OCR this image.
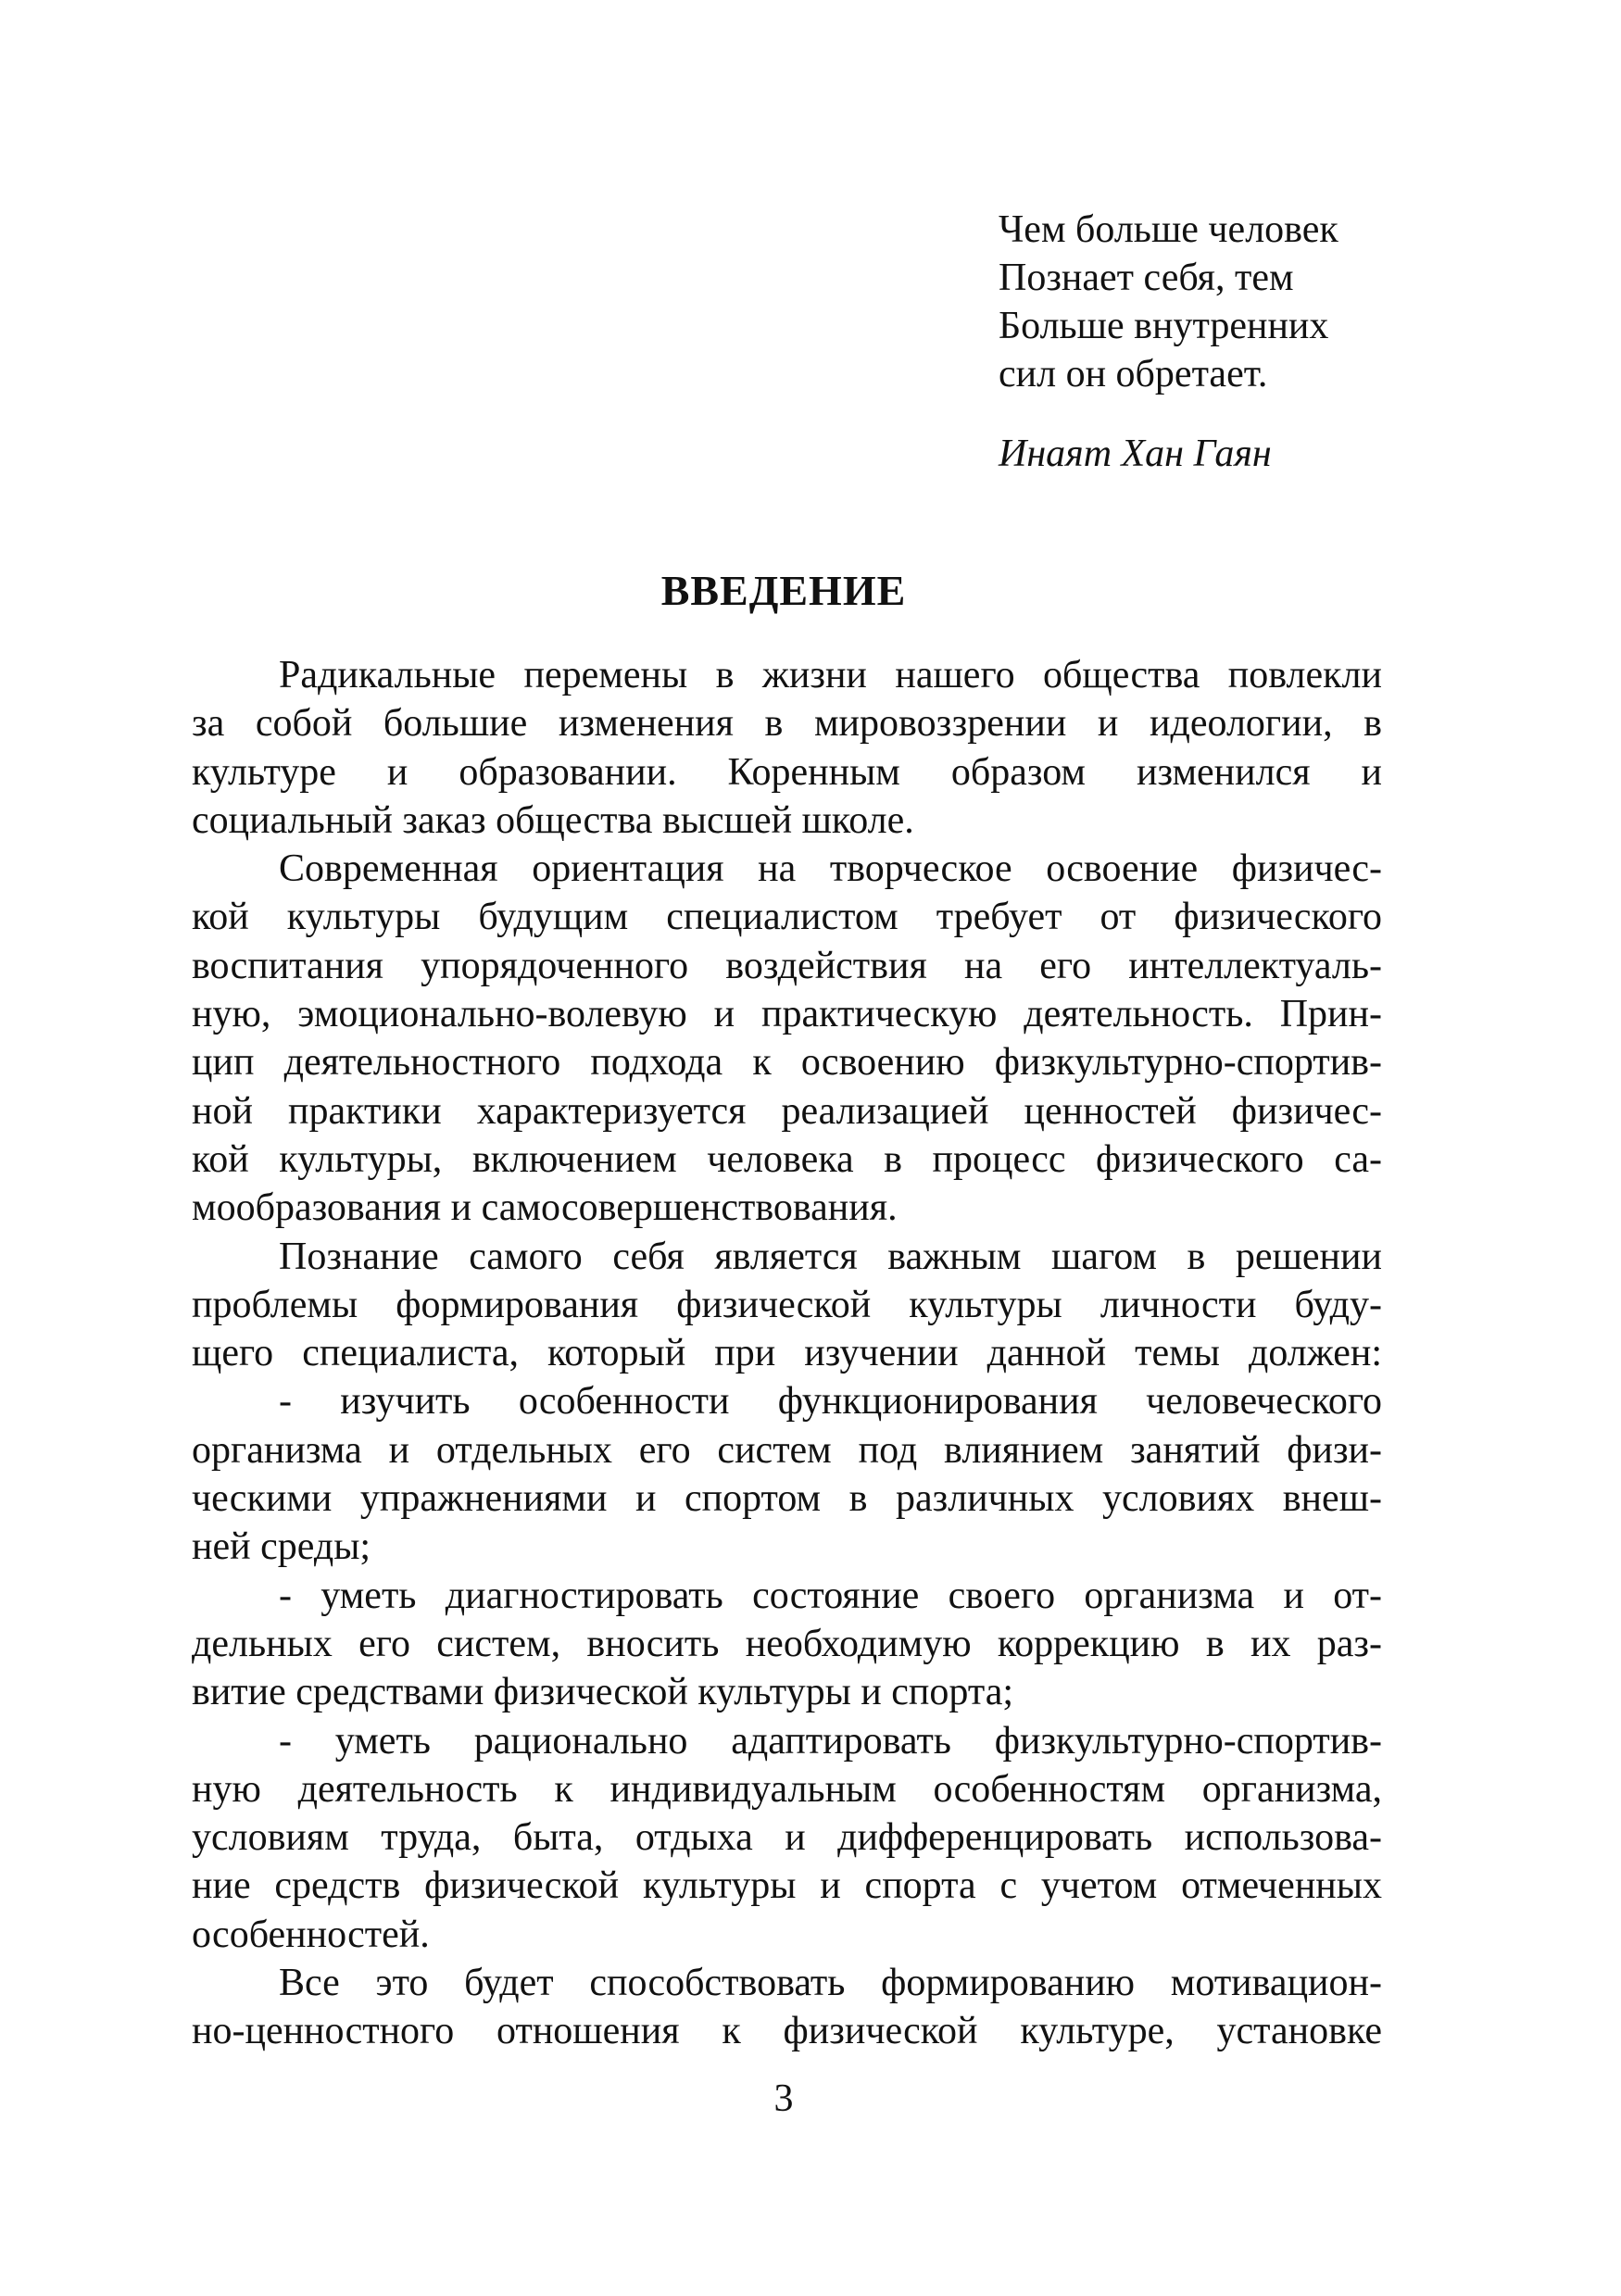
Чем больше человек
Познает себя, тем
Больше внутренних
сил он обретает.
Инаят Хан Гаян
ВВЕДЕНИЕ
Радикальные перемены в жизни нашего общества повлекли
за собой большие изменения в мировоззрении и идеологии, в
культуре и образовании. Коренным образом изменился и
социальный заказ общества высшей школе.
Современная ориентация на творческое освоение физичес-
кой культуры будущим специалистом требует от физического
воспитания упорядоченного воздействия на его интеллектуаль-
ную, эмоционально-волевую и практическую деятельность. Прин-
цип деятельностного подхода к освоению физкультурно-спортив-
ной практики характеризуется реализацией ценностей физичес-
кой культуры, включением человека в процесс физического са-
мообразования и самосовершенствования.
Познание самого себя является важным шагом в решении
проблемы формирования физической культуры личности буду-
щего специалиста, который при изучении данной темы должен:
- изучить особенности функционирования человеческого
организма и отдельных его систем под влиянием занятий физи-
ческими упражнениями и спортом в различных условиях внеш-
ней среды;
- уметь диагностировать состояние своего организма и от-
дельных его систем, вносить необходимую коррекцию в их раз-
витие средствами физической культуры и спорта;
- уметь рационально адаптировать физкультурно-спортив-
ную деятельность к индивидуальным особенностям организма,
условиям труда, быта, отдыха и дифференцировать использова-
ние средств физической культуры и спорта с учетом отмеченных
особенностей.
Все это будет способствовать формированию мотивацион-
но-ценностного отношения к физической культуре, установке
3
